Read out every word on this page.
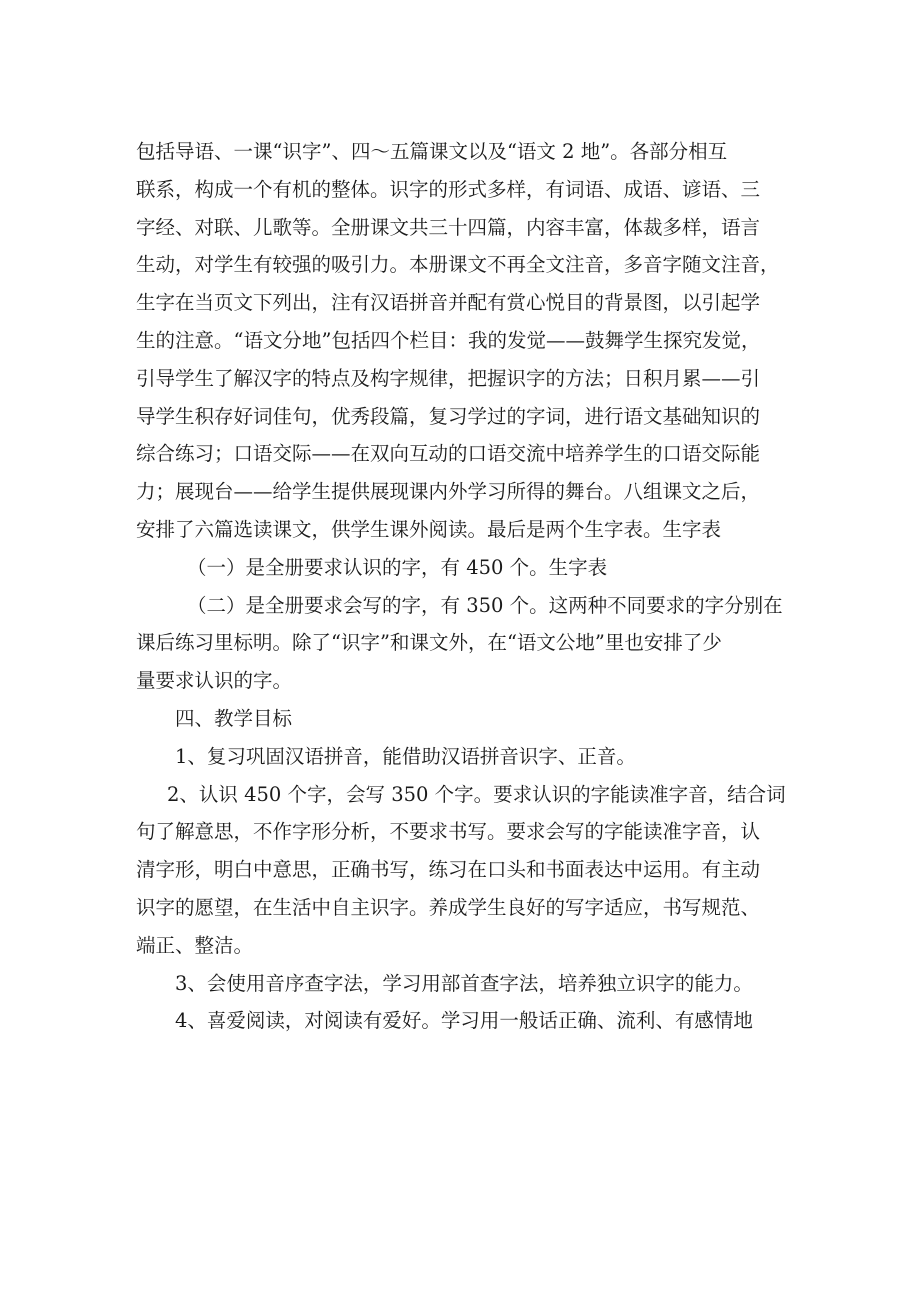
包括导语、一课“识字”、四～五篇课文以及“语文 2 地”。各部分相互
联系，构成一个有机的整体。识字的形式多样，有词语、成语、谚语、三
字经、对联、儿歌等。全册课文共三十四篇，内容丰富，体裁多样，语言
生动，对学生有较强的吸引力。本册课文不再全文注音，多音字随文注音，
生字在当页文下列出，注有汉语拼音并配有赏心悦目的背景图，以引起学
生的注意。“语文分地”包括四个栏目：我的发觉——鼓舞学生探究发觉，
引导学生了解汉字的特点及构字规律，把握识字的方法；日积月累——引
导学生积存好词佳句，优秀段篇，复习学过的字词，进行语文基础知识的
综合练习；口语交际——在双向互动的口语交流中培养学生的口语交际能
力；展现台——给学生提供展现课内外学习所得的舞台。八组课文之后，
安排了六篇选读课文，供学生课外阅读。最后是两个生字表。生字表
（一）是全册要求认识的字，有 450 个。生字表
（二）是全册要求会写的字，有 350 个。这两种不同要求的字分别在
课后练习里标明。除了“识字”和课文外，在“语文公地”里也安排了少
量要求认识的字。
四、教学目标
1、复习巩固汉语拼音，能借助汉语拼音识字、正音。
2、认识 450 个字，会写 350 个字。要求认识的字能读准字音，结合词
句了解意思，不作字形分析，不要求书写。要求会写的字能读准字音，认
清字形，明白中意思，正确书写，练习在口头和书面表达中运用。有主动
识字的愿望，在生活中自主识字。养成学生良好的写字适应，书写规范、
端正、整洁。
3、会使用音序查字法，学习用部首查字法，培养独立识字的能力。
4、喜爱阅读，对阅读有爱好。学习用一般话正确、流利、有感情地
